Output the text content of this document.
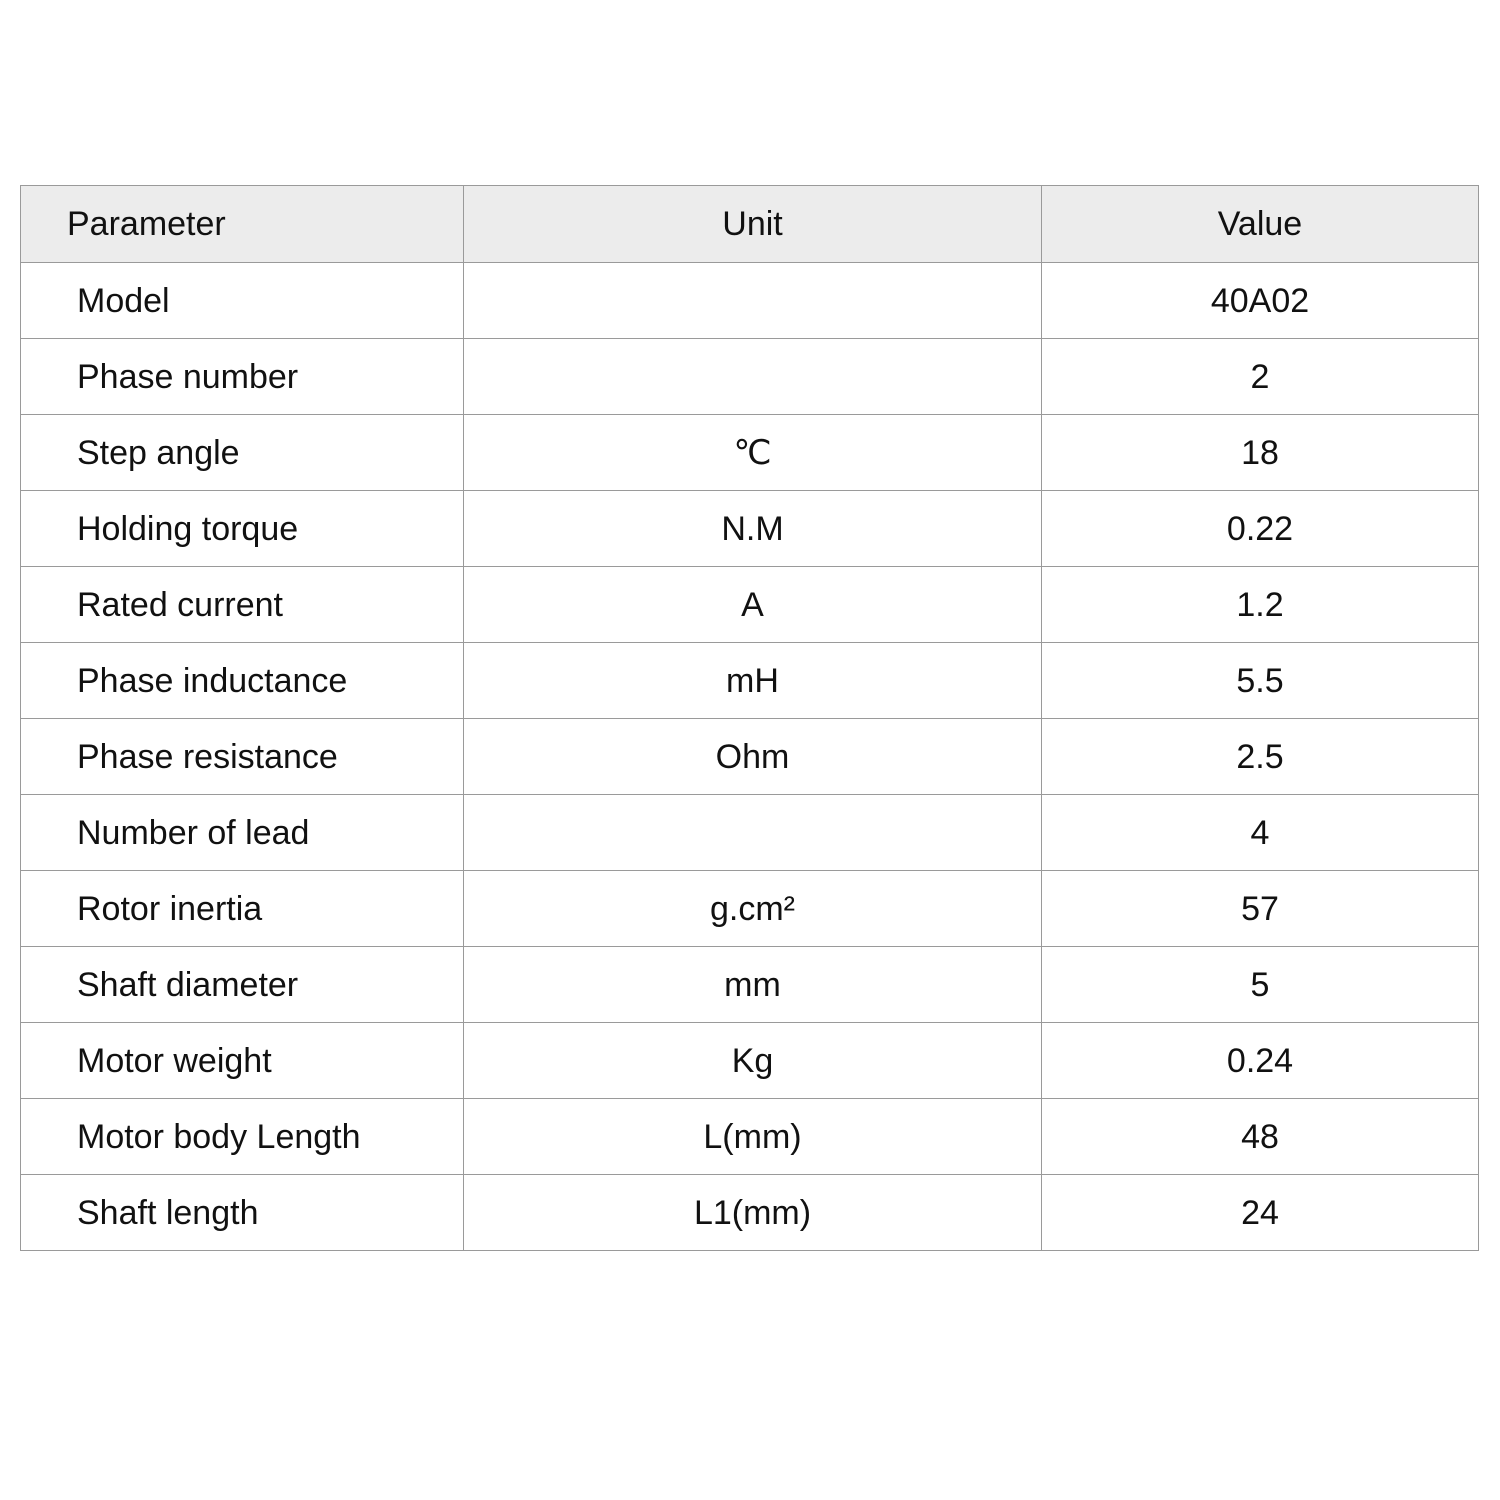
Parameter	Unit	Value
Model		40A02
Phase number		2
Step angle	℃	18
Holding torque	N.M	0.22
Rated current	A	1.2
Phase inductance	mH	5.5
Phase resistance	Ohm	2.5
Number of lead		4
Rotor inertia	g.cm²	57
Shaft diameter	mm	5
Motor weight	Kg	0.24
Motor body Length	L(mm)	48
Shaft length	L1(mm)	24
